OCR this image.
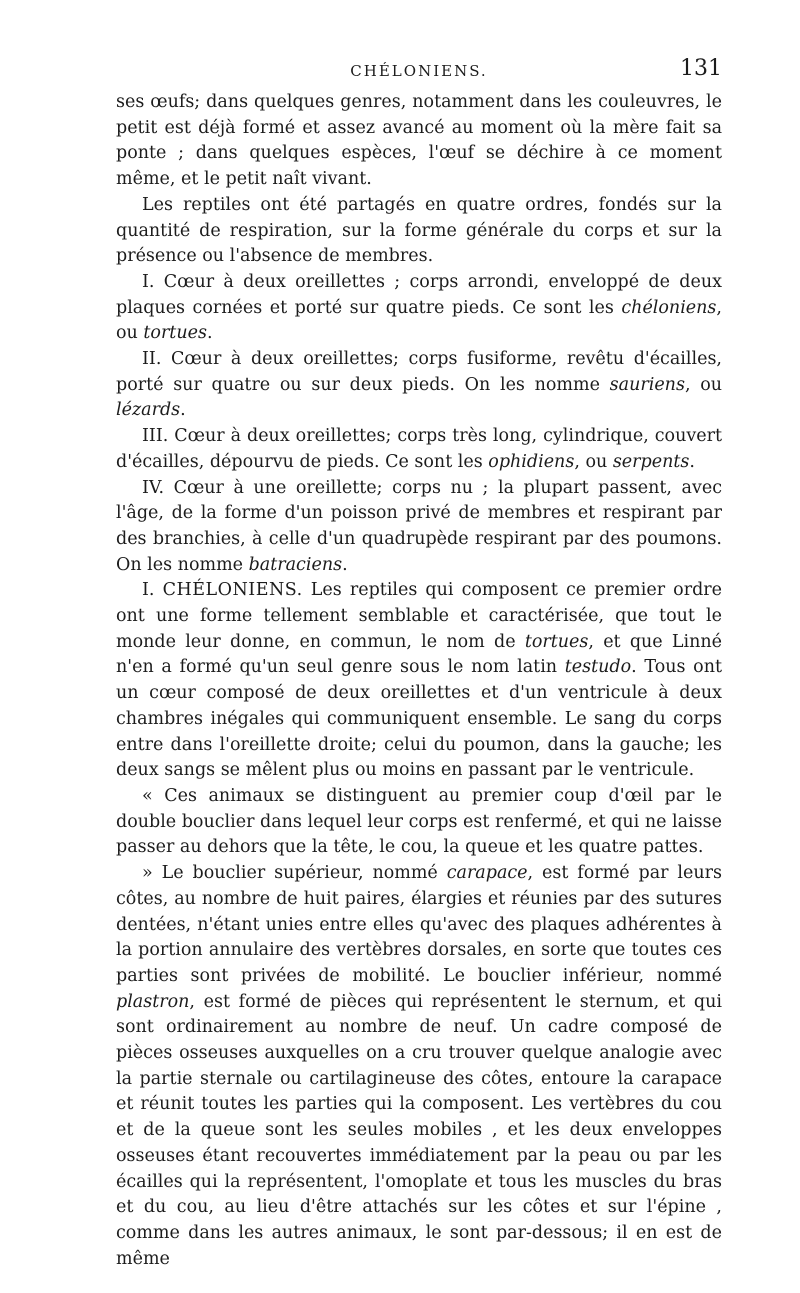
CHÉLONIENS.	131

ses œufs; dans quelques genres, notamment dans les couleuvres, le petit est déjà formé et assez avancé au moment où la mère fait sa ponte ; dans quelques espèces, l'œuf se déchire à ce moment même, et le petit naît vivant.

Les reptiles ont été partagés en quatre ordres, fondés sur la quantité de respiration, sur la forme générale du corps et sur la présence ou l'absence de membres.

I. Cœur à deux oreillettes ; corps arrondi, enveloppé de deux plaques cornées et porté sur quatre pieds. Ce sont les chéloniens, ou tortues.

II. Cœur à deux oreillettes; corps fusiforme, revêtu d'écailles, porté sur quatre ou sur deux pieds. On les nomme sauriens, ou lézards.

III. Cœur à deux oreillettes; corps très long, cylindrique, couvert d'écailles, dépourvu de pieds. Ce sont les ophidiens, ou serpents.

IV. Cœur à une oreillette; corps nu ; la plupart passent, avec l'âge, de la forme d'un poisson privé de membres et respirant par des branchies, à celle d'un quadrupède respirant par des poumons. On les nomme batraciens.

I. CHÉLONIENS. Les reptiles qui composent ce premier ordre ont une forme tellement semblable et caractérisée, que tout le monde leur donne, en commun, le nom de tortues, et que Linné n'en a formé qu'un seul genre sous le nom latin testudo. Tous ont un cœur composé de deux oreillettes et d'un ventricule à deux chambres inégales qui communiquent ensemble. Le sang du corps entre dans l'oreillette droite; celui du poumon, dans la gauche; les deux sangs se mêlent plus ou moins en passant par le ventricule.

« Ces animaux se distinguent au premier coup d'œil par le double bouclier dans lequel leur corps est renfermé, et qui ne laisse passer au dehors que la tête, le cou, la queue et les quatre pattes.

» Le bouclier supérieur, nommé carapace, est formé par leurs côtes, au nombre de huit paires, élargies et réunies par des sutures dentées, n'étant unies entre elles qu'avec des plaques adhérentes à la portion annulaire des vertèbres dorsales, en sorte que toutes ces parties sont privées de mobilité. Le bouclier inférieur, nommé plastron, est formé de pièces qui représentent le sternum, et qui sont ordinairement au nombre de neuf. Un cadre composé de pièces osseuses auxquelles on a cru trouver quelque analogie avec la partie sternale ou cartilagineuse des côtes, entoure la carapace et réunit toutes les parties qui la composent. Les vertèbres du cou et de la queue sont les seules mobiles , et les deux enveloppes osseuses étant recouvertes immédiatement par la peau ou par les écailles qui la représentent, l'omoplate et tous les muscles du bras et du cou, au lieu d'être attachés sur les côtes et sur l'épine , comme dans les autres animaux, le sont par-dessous; il en est de même
